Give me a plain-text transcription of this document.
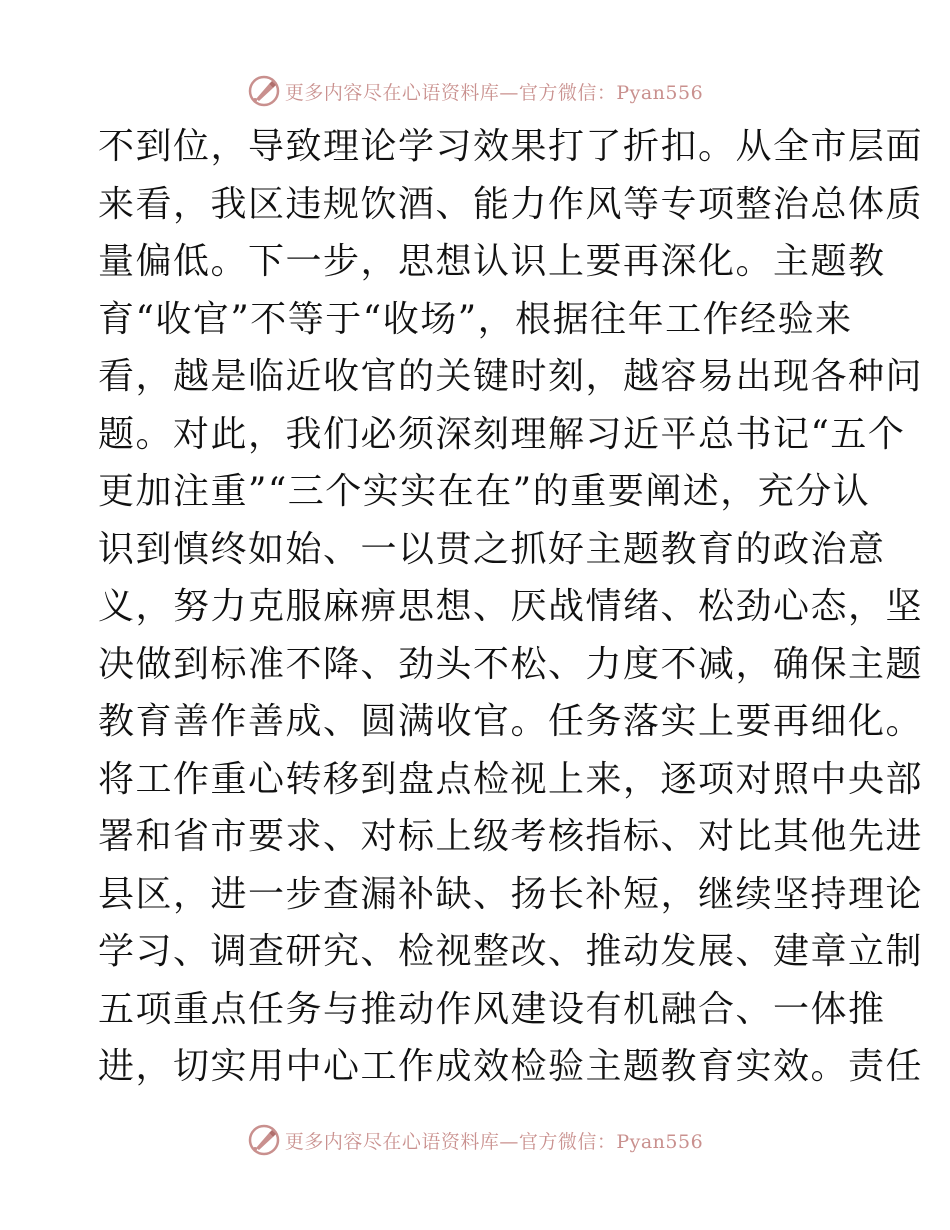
更多内容尽在心语资料库—官方微信：Pyan556
不到位，导致理论学习效果打了折扣。从全市层面
来看，我区违规饮酒、能力作风等专项整治总体质
量偏低。下一步，思想认识上要再深化。主题教
育“收官”不等于“收场”，根据往年工作经验来
看，越是临近收官的关键时刻，越容易出现各种问
题。对此，我们必须深刻理解习近平总书记“五个
更加注重”“三个实实在在”的重要阐述，充分认
识到慎终如始、一以贯之抓好主题教育的政治意
义，努力克服麻痹思想、厌战情绪、松劲心态，坚
决做到标准不降、劲头不松、力度不减，确保主题
教育善作善成、圆满收官。任务落实上要再细化。
将工作重心转移到盘点检视上来，逐项对照中央部
署和省市要求、对标上级考核指标、对比其他先进
县区，进一步查漏补缺、扬长补短，继续坚持理论
学习、调查研究、检视整改、推动发展、建章立制
五项重点任务与推动作风建设有机融合、一体推
进，切实用中心工作成效检验主题教育实效。责任
更多内容尽在心语资料库—官方微信：Pyan556
